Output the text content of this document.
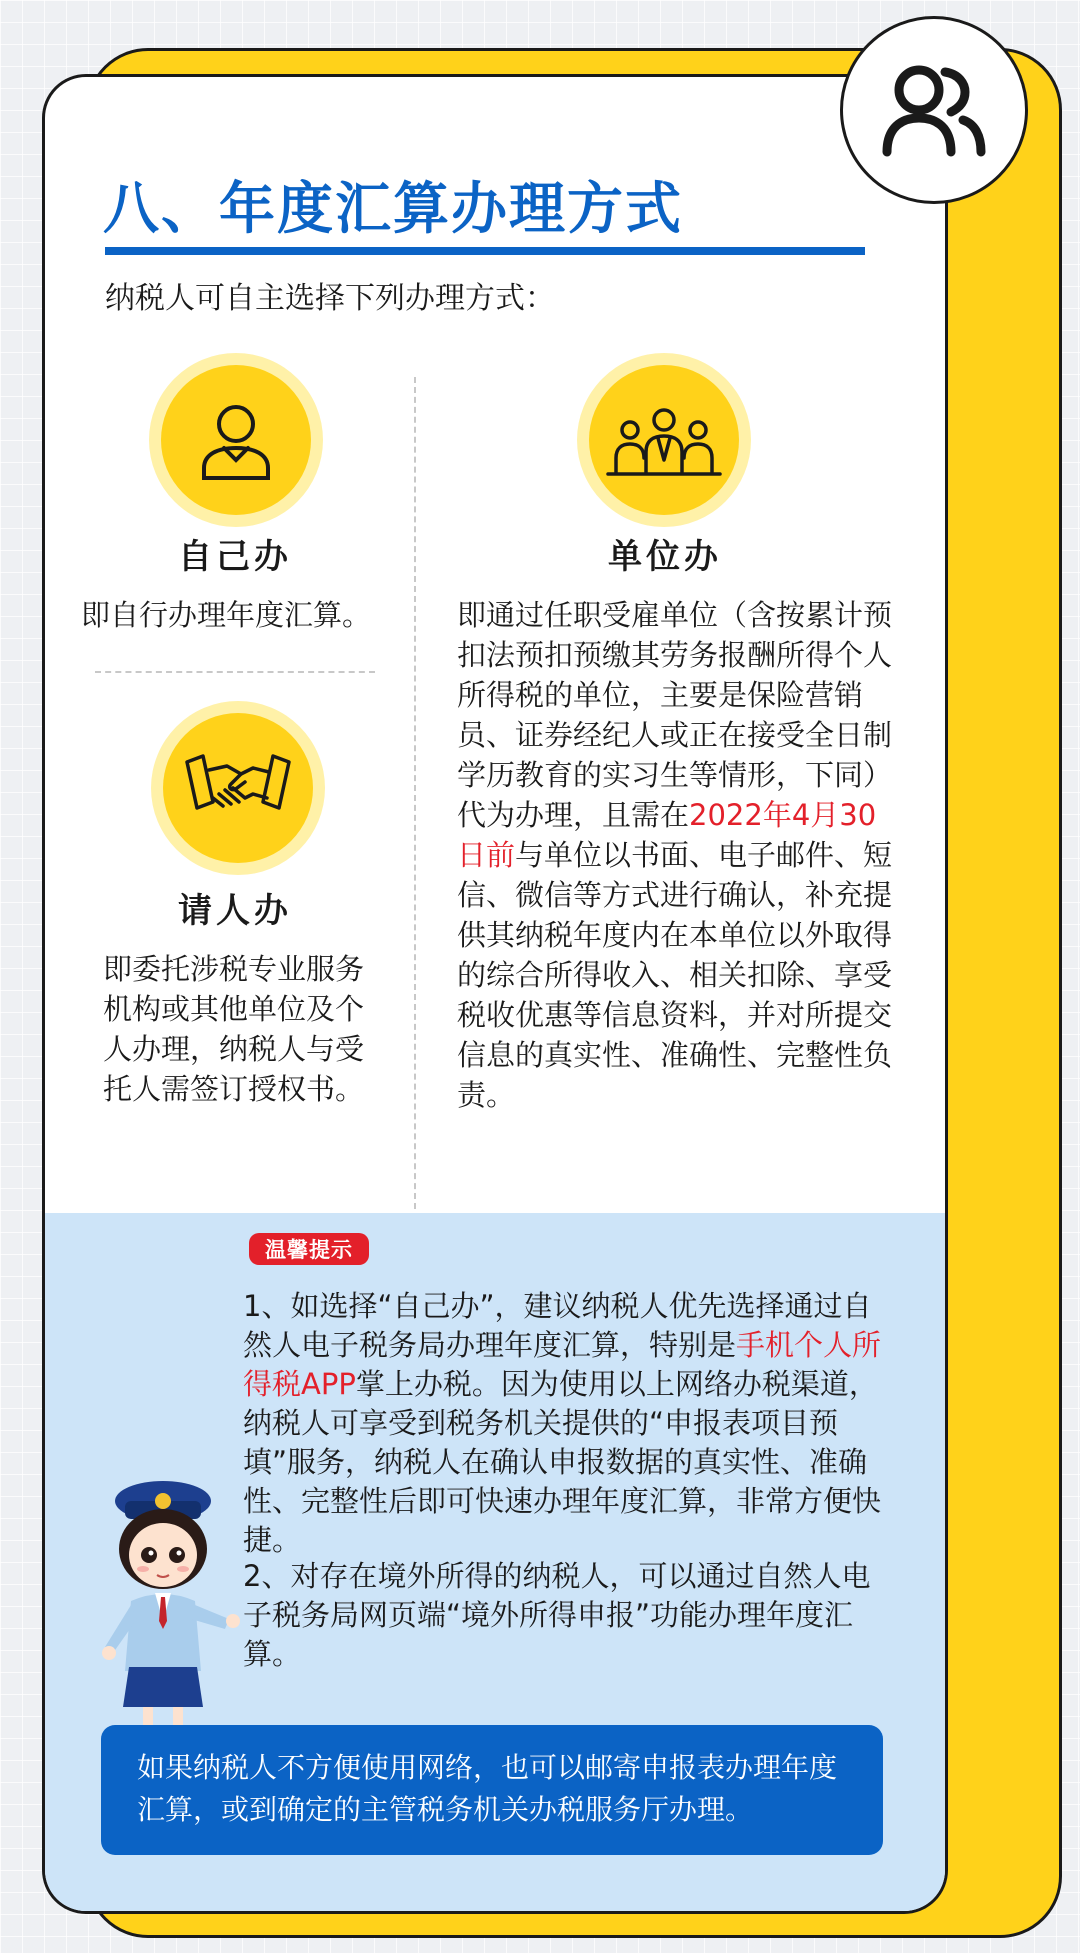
八、年度汇算办理方式
纳税人可自主选择下列办理方式：
自己办
即自行办理年度汇算。
请人办
即委托涉税专业服务机构或其他单位及个人办理，纳税人与受托人需签订授权书。
单位办
即通过任职受雇单位（含按累计预扣法预扣预缴其劳务报酬所得个人所得税的单位，主要是保险营销员、证券经纪人或正在接受全日制学历教育的实习生等情形，下同）代为办理，且需在2022年4月30日前与单位以书面、电子邮件、短信、微信等方式进行确认，补充提供其纳税年度内在本单位以外取得的综合所得收入、相关扣除、享受税收优惠等信息资料，并对所提交信息的真实性、准确性、完整性负责。
温馨提示

1、如选择“自己办”，建议纳税人优先选择通过自然人电子税务局办理年度汇算，特别是手机个人所得税APP掌上办税。因为使用以上网络办税渠道，纳税人可享受到税务机关提供的“申报表项目预填”服务，纳税人在确认申报数据的真实性、准确性、完整性后即可快速办理年度汇算，非常方便快捷。

2、对存在境外所得的纳税人，可以通过自然人电子税务局网页端“境外所得申报”功能办理年度汇算。

如果纳税人不方便使用网络，也可以邮寄申报表办理年度汇算，或到确定的主管税务机关办税服务厅办理。
